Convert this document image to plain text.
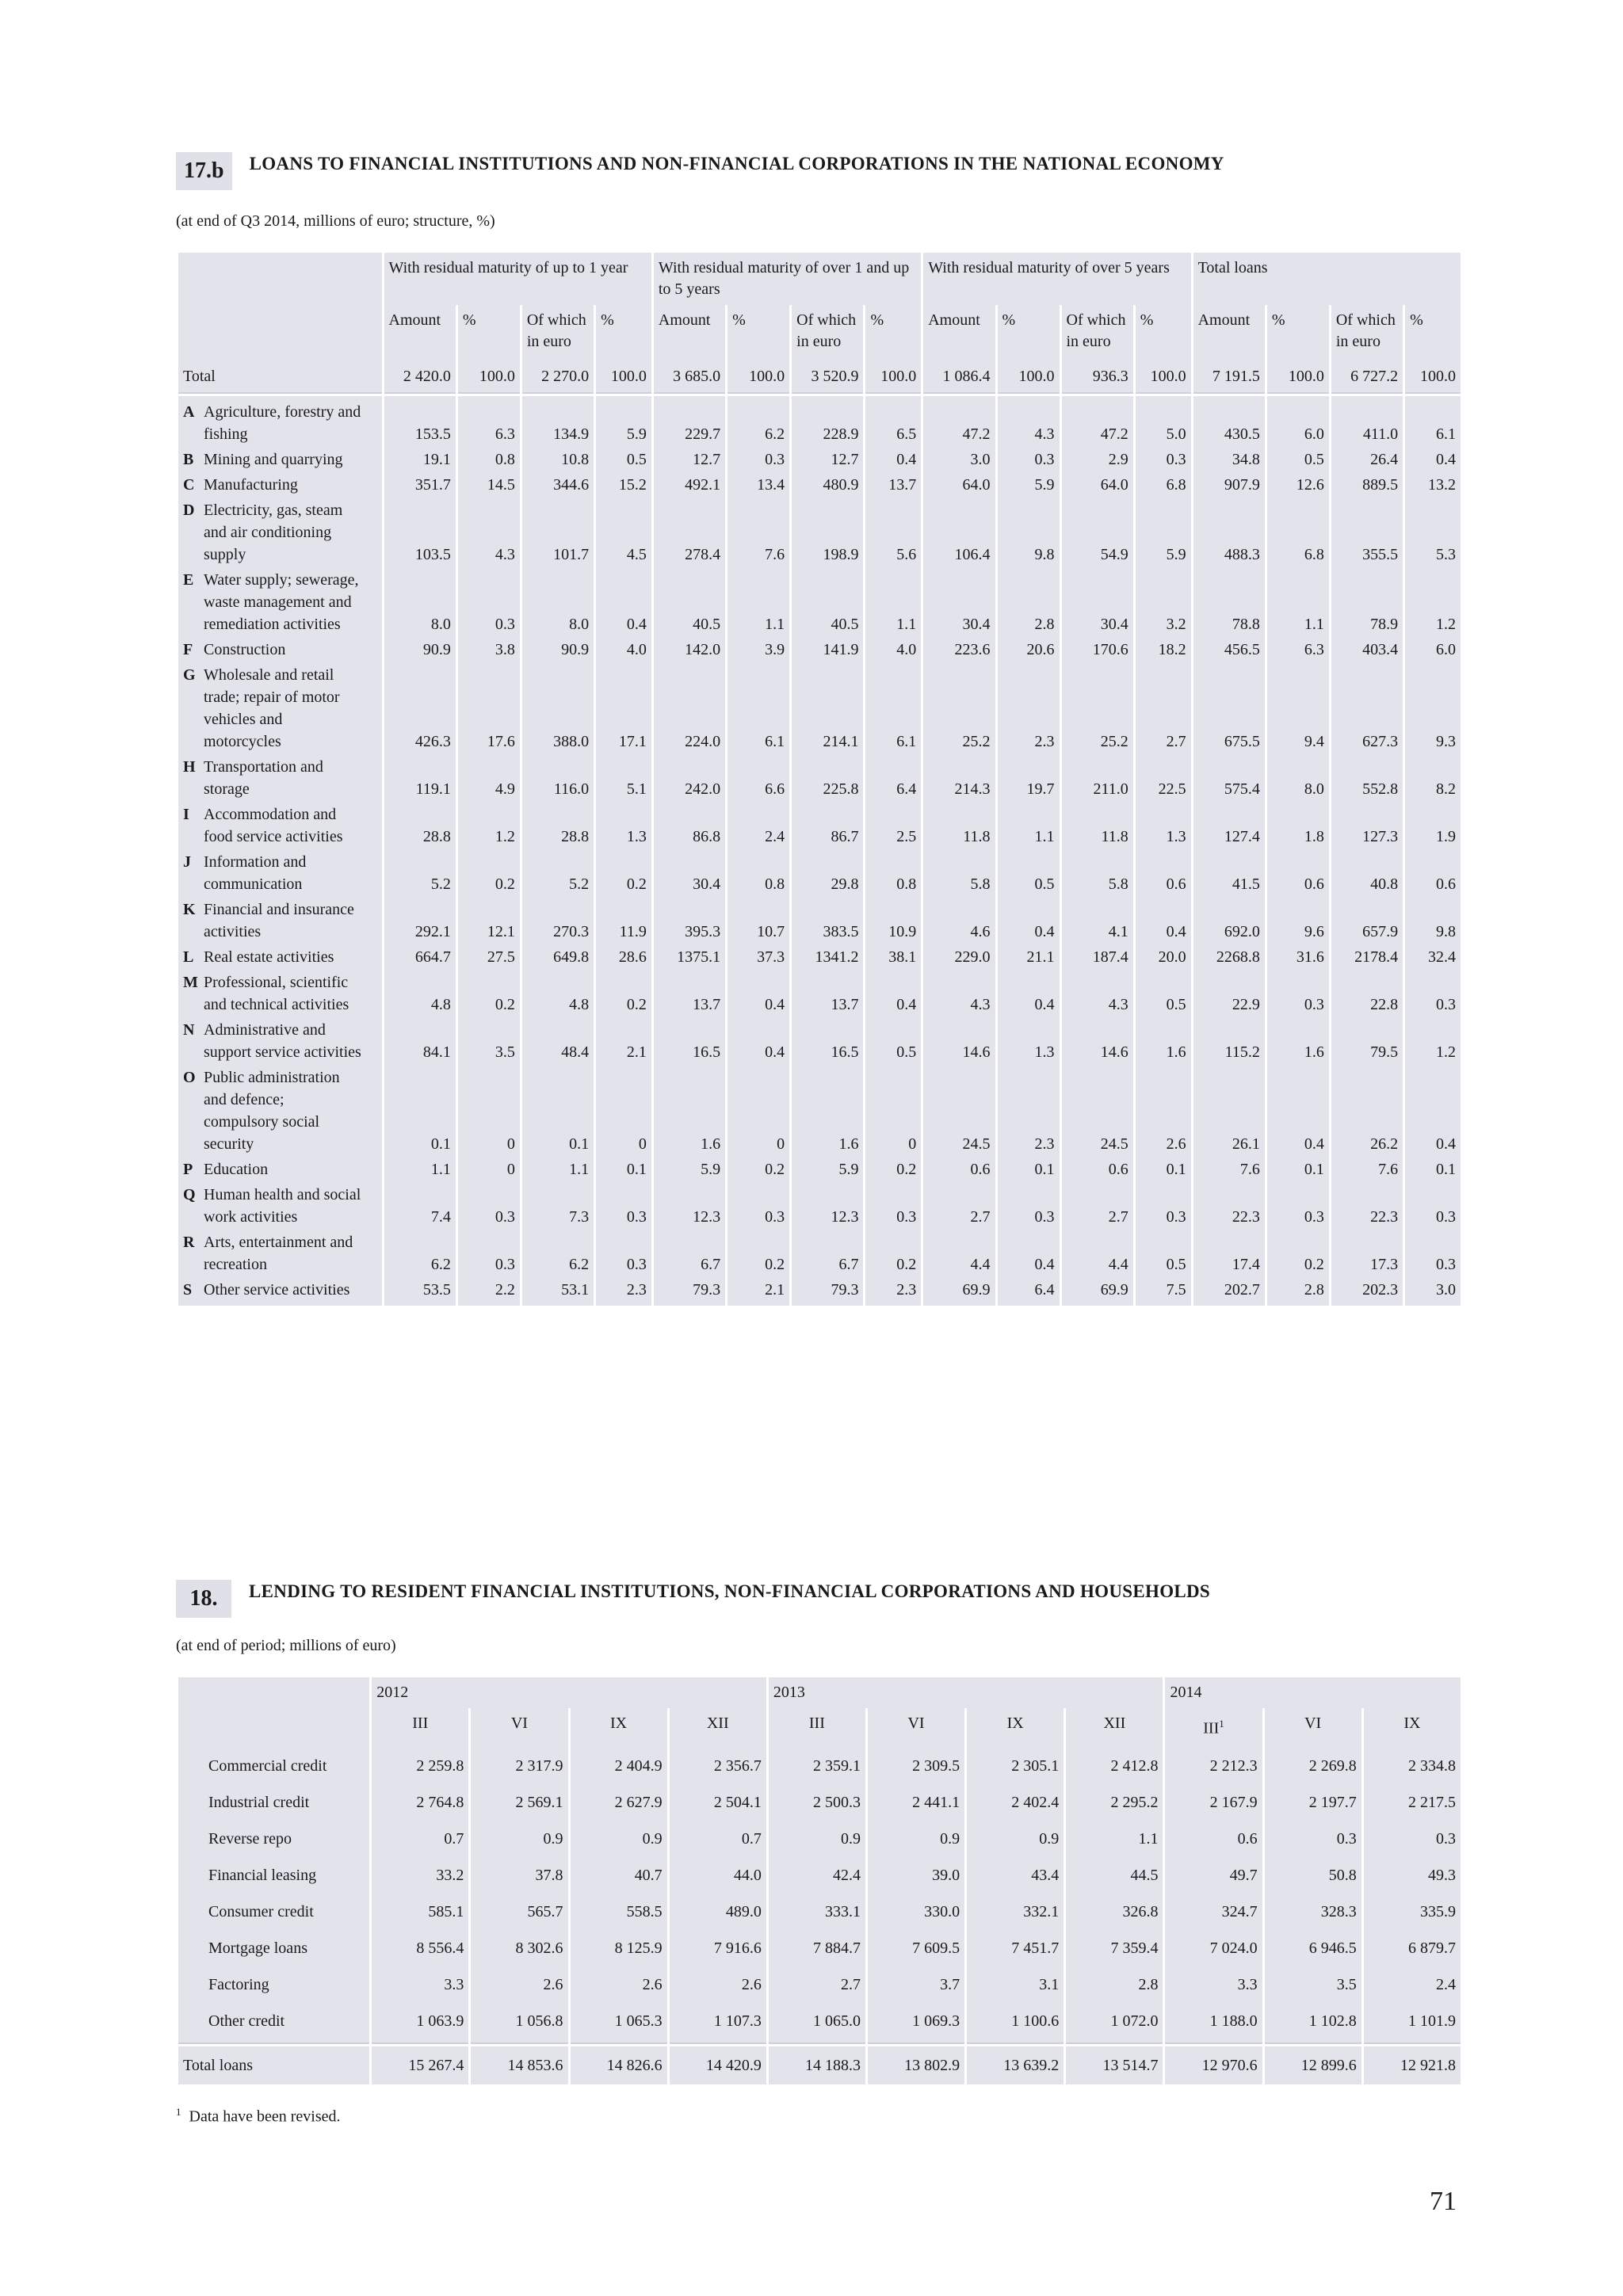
17.b	LOANS TO FINANCIAL INSTITUTIONS AND NON-FINANCIAL CORPORATIONS IN THE NATIONAL ECONOMY
(at end of Q3 2014, millions of euro; structure, %)
	With residual maturity of up to 1 year				With residual maturity of over 1 and up to 5 years				With residual maturity of over 5 years				Total loans			
	Amount	%	Of which in euro	%	Amount	%	Of which in euro	%	Amount	%	Of which in euro	%	Amount	%	Of which in euro	%

Total	2 420.0	100.0	2 270.0	100.0	3 685.0	100.0	3 520.9	100.0	1 086.4	100.0	936.3	100.0	7 191.5	100.0	6 727.2	100.0

A Agriculture, forestry and fishing	153.5	6.3	134.9	5.9	229.7	6.2	228.9	6.5	47.2	4.3	47.2	5.0	430.5	6.0	411.0	6.1
B Mining and quarrying	19.1	0.8	10.8	0.5	12.7	0.3	12.7	0.4	3.0	0.3	2.9	0.3	34.8	0.5	26.4	0.4
C Manufacturing	351.7	14.5	344.6	15.2	492.1	13.4	480.9	13.7	64.0	5.9	64.0	6.8	907.9	12.6	889.5	13.2
D Electricity, gas, steam and air conditioning supply	103.5	4.3	101.7	4.5	278.4	7.6	198.9	5.6	106.4	9.8	54.9	5.9	488.3	6.8	355.5	5.3
E Water supply; sewerage, waste management and remediation activities	8.0	0.3	8.0	0.4	40.5	1.1	40.5	1.1	30.4	2.8	30.4	3.2	78.8	1.1	78.9	1.2
F Construction	90.9	3.8	90.9	4.0	142.0	3.9	141.9	4.0	223.6	20.6	170.6	18.2	456.5	6.3	403.4	6.0
G Wholesale and retail trade; repair of motor vehicles and motorcycles	426.3	17.6	388.0	17.1	224.0	6.1	214.1	6.1	25.2	2.3	25.2	2.7	675.5	9.4	627.3	9.3
H Transportation and storage	119.1	4.9	116.0	5.1	242.0	6.6	225.8	6.4	214.3	19.7	211.0	22.5	575.4	8.0	552.8	8.2
I Accommodation and food service activities	28.8	1.2	28.8	1.3	86.8	2.4	86.7	2.5	11.8	1.1	11.8	1.3	127.4	1.8	127.3	1.9
J Information and communication	5.2	0.2	5.2	0.2	30.4	0.8	29.8	0.8	5.8	0.5	5.8	0.6	41.5	0.6	40.8	0.6
K Financial and insurance activities	292.1	12.1	270.3	11.9	395.3	10.7	383.5	10.9	4.6	0.4	4.1	0.4	692.0	9.6	657.9	9.8
L Real estate activities	664.7	27.5	649.8	28.6	1375.1	37.3	1341.2	38.1	229.0	21.1	187.4	20.0	2268.8	31.6	2178.4	32.4
M Professional, scientific and technical activities	4.8	0.2	4.8	0.2	13.7	0.4	13.7	0.4	4.3	0.4	4.3	0.5	22.9	0.3	22.8	0.3
N Administrative and support service activities	84.1	3.5	48.4	2.1	16.5	0.4	16.5	0.5	14.6	1.3	14.6	1.6	115.2	1.6	79.5	1.2
O Public administration and defence; compulsory social security	0.1	0	0.1	0	1.6	0	1.6	0	24.5	2.3	24.5	2.6	26.1	0.4	26.2	0.4
P Education	1.1	0	1.1	0.1	5.9	0.2	5.9	0.2	0.6	0.1	0.6	0.1	7.6	0.1	7.6	0.1
Q Human health and social work activities	7.4	0.3	7.3	0.3	12.3	0.3	12.3	0.3	2.7	0.3	2.7	0.3	22.3	0.3	22.3	0.3
R Arts, entertainment and recreation	6.2	0.3	6.2	0.3	6.7	0.2	6.7	0.2	4.4	0.4	4.4	0.5	17.4	0.2	17.3	0.3
S Other service activities	53.5	2.2	53.1	2.3	79.3	2.1	79.3	2.3	69.9	6.4	69.9	7.5	202.7	2.8	202.3	3.0

18.	LENDING TO RESIDENT FINANCIAL INSTITUTIONS, NON-FINANCIAL CORPORATIONS AND HOUSEHOLDS
(at end of period; millions of euro)
	2012				2013				2014		
	III	VI	IX	XII	III	VI	IX	XII	III$^1$	VI	IX

Commercial credit	2 259.8	2 317.9	2 404.9	2 356.7	2 359.1	2 309.5	2 305.1	2 412.8	2 212.3	2 269.8	2 334.8
Industrial credit	2 764.8	2 569.1	2 627.9	2 504.1	2 500.3	2 441.1	2 402.4	2 295.2	2 167.9	2 197.7	2 217.5
Reverse repo	0.7	0.9	0.9	0.7	0.9	0.9	0.9	1.1	0.6	0.3	0.3
Financial leasing	33.2	37.8	40.7	44.0	42.4	39.0	43.4	44.5	49.7	50.8	49.3
Consumer credit	585.1	565.7	558.5	489.0	333.1	330.0	332.1	326.8	324.7	328.3	335.9
Mortgage loans	8 556.4	8 302.6	8 125.9	7 916.6	7 884.7	7 609.5	7 451.7	7 359.4	7 024.0	6 946.5	6 879.7
Factoring	3.3	2.6	2.6	2.6	2.7	3.7	3.1	2.8	3.3	3.5	2.4
Other credit	1 063.9	1 056.8	1 065.3	1 107.3	1 065.0	1 069.3	1 100.6	1 072.0	1 188.0	1 102.8	1 101.9

Total loans	15 267.4	14 853.6	14 826.6	14 420.9	14 188.3	13 802.9	13 639.2	13 514.7	12 970.6	12 899.6	12 921.8
$^1$ Data have been revised.
71
